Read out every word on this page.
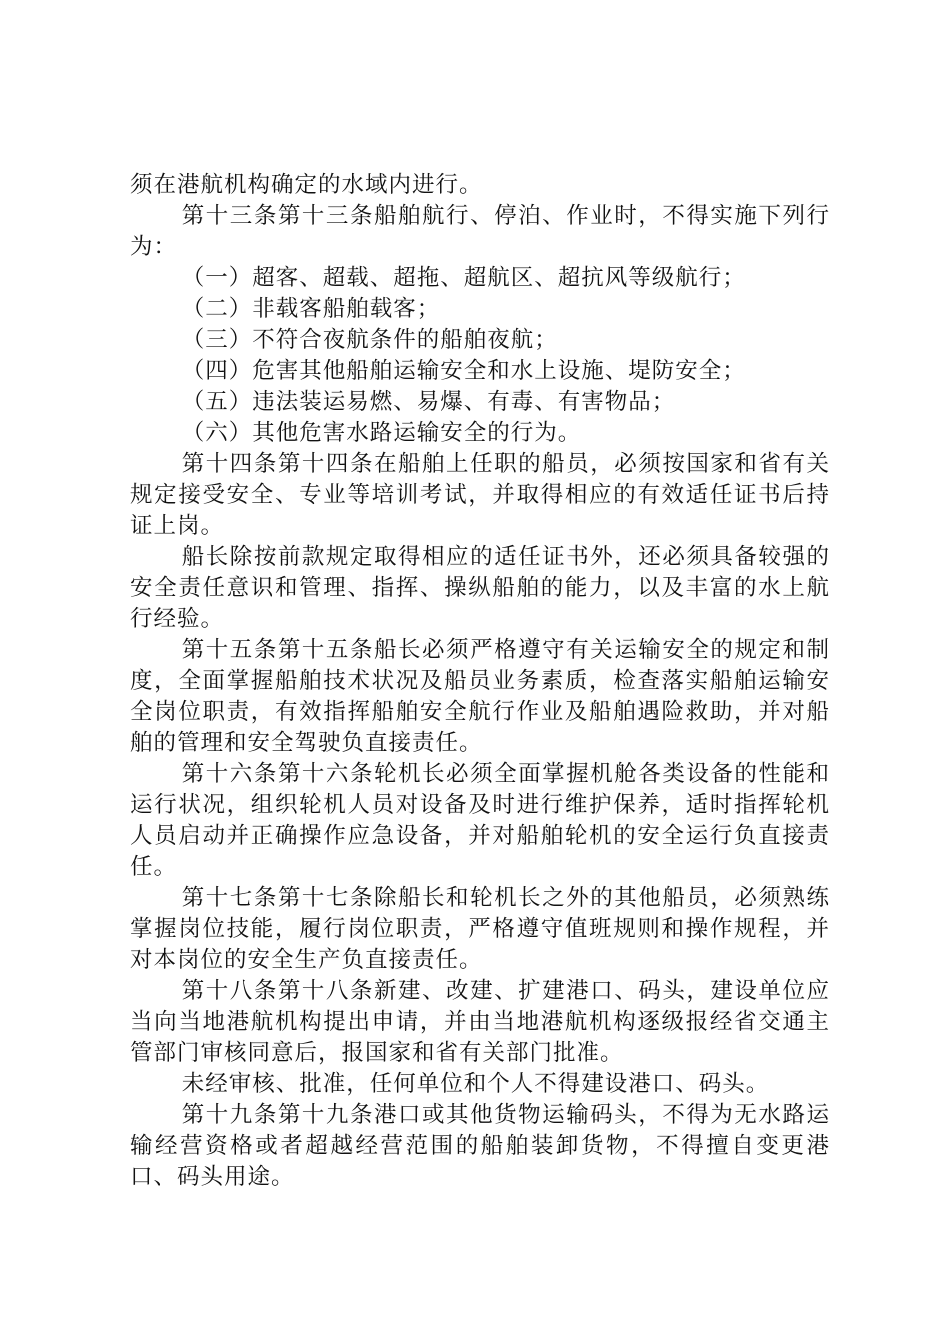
须在港航机构确定的水域内进行。

第十三条第十三条船舶航行、停泊、作业时，不得实施下列行为：

（一）超客、超载、超拖、超航区、超抗风等级航行；

（二）非载客船舶载客；

（三）不符合夜航条件的船舶夜航；

（四）危害其他船舶运输安全和水上设施、堤防安全；

（五）违法装运易燃、易爆、有毒、有害物品；

（六）其他危害水路运输安全的行为。

第十四条第十四条在船舶上任职的船员，必须按国家和省有关规定接受安全、专业等培训考试，并取得相应的有效适任证书后持证上岗。

船长除按前款规定取得相应的适任证书外，还必须具备较强的安全责任意识和管理、指挥、操纵船舶的能力，以及丰富的水上航行经验。

第十五条第十五条船长必须严格遵守有关运输安全的规定和制度，全面掌握船舶技术状况及船员业务素质，检查落实船舶运输安全岗位职责，有效指挥船舶安全航行作业及船舶遇险救助，并对船舶的管理和安全驾驶负直接责任。

第十六条第十六条轮机长必须全面掌握机舱各类设备的性能和运行状况，组织轮机人员对设备及时进行维护保养，适时指挥轮机人员启动并正确操作应急设备，并对船舶轮机的安全运行负直接责任。

第十七条第十七条除船长和轮机长之外的其他船员，必须熟练掌握岗位技能，履行岗位职责，严格遵守值班规则和操作规程，并对本岗位的安全生产负直接责任。

第十八条第十八条新建、改建、扩建港口、码头，建设单位应当向当地港航机构提出申请，并由当地港航机构逐级报经省交通主管部门审核同意后，报国家和省有关部门批准。

未经审核、批准，任何单位和个人不得建设港口、码头。

第十九条第十九条港口或其他货物运输码头，不得为无水路运输经营资格或者超越经营范围的船舶装卸货物，不得擅自变更港口、码头用途。
